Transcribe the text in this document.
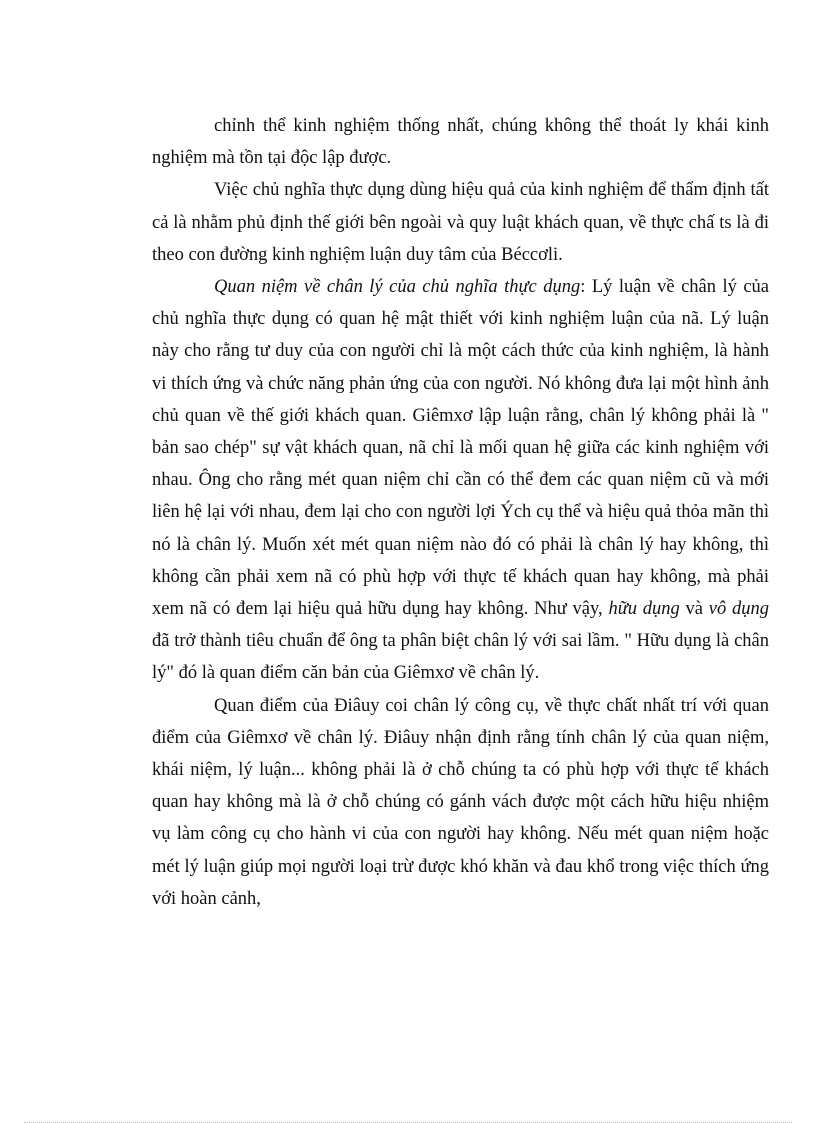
chỉnh thể kinh nghiệm thống nhất, chúng không thể thoát ly khái kinh nghiệm mà tồn tại độc lập được.

Việc chủ nghĩa thực dụng dùng hiệu quả của kinh nghiệm để thẩm định tất cả là nhằm phủ định thế giới bên ngoài và quy luật khách quan, về thực chấ ts là đi theo con đường kinh nghiệm luận duy tâm của Béccơli.

Quan niệm về chân lý của chủ nghĩa thực dụng: Lý luận về chân lý của chủ nghĩa thực dụng có quan hệ mật thiết với kinh nghiệm luận của nã. Lý luận này cho rằng tư duy của con người chỉ là một cách thức của kinh nghiệm, là hành vi thích ứng và chức năng phản ứng của con người. Nó không đưa lại một hình ảnh chủ quan về thế giới khách quan. Giêmxơ lập luận rằng, chân lý không phải là " bản sao chép" sự vật khách quan, nã chỉ là mối quan hệ giữa các kinh nghiệm với nhau. Ông cho rằng mét quan niệm chỉ cần có thể đem các quan niệm cũ và mới liên hệ lại với nhau, đem lại cho con người lợi Ých cụ thể và hiệu quả thỏa mãn thì nó là chân lý. Muốn xét mét quan niệm nào đó có phải là chân lý hay không, thì không cần phải xem nã có phù hợp với thực tế khách quan hay không, mà phải xem nã có đem lại hiệu quả hữu dụng hay không. Như vậy, hữu dụng và vô dụng đã trở thành tiêu chuẩn để ông ta phân biệt chân lý với sai lầm. " Hữu dụng là chân lý" đó là quan điểm căn bản của Giêmxơ về chân lý.

Quan điểm của Điâuy coi chân lý công cụ, về thực chất nhất trí với quan điểm của Giêmxơ về chân lý. Điâuy nhận định rằng tính chân lý của quan niệm, khái niệm, lý luận... không phải là ở chỗ chúng ta có phù hợp với thực tế khách quan hay không mà là ở chỗ chúng có gánh vách được một cách hữu hiệu nhiệm vụ làm công cụ cho hành vi của con người hay không. Nếu mét quan niệm hoặc mét lý luận giúp mọi người loại trừ được khó khăn và đau khổ trong việc thích ứng với hoàn cảnh,
